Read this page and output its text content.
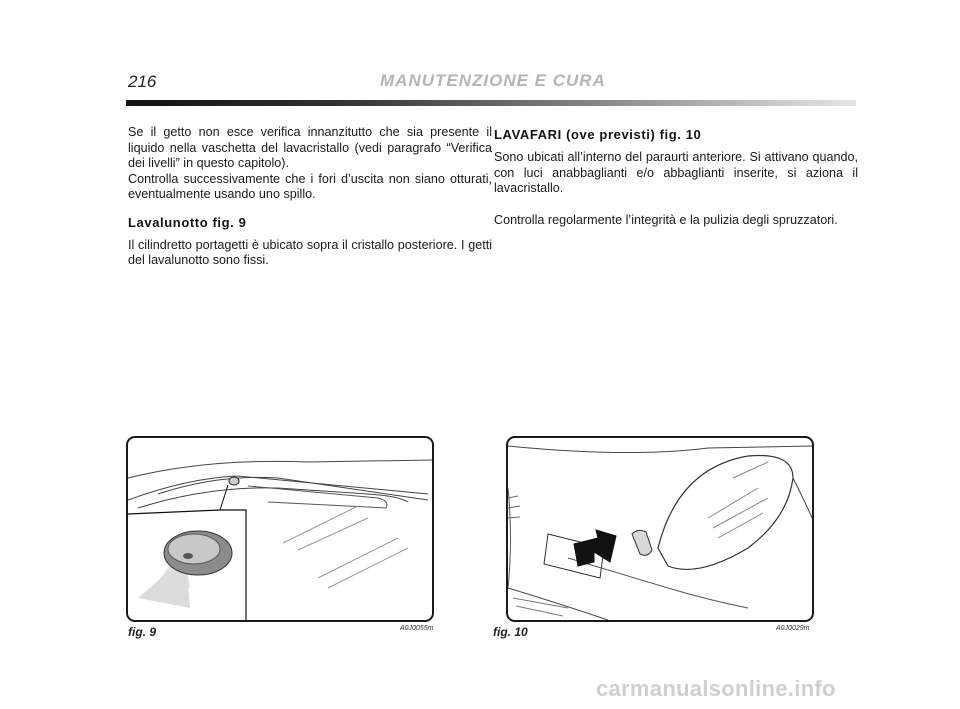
216	MANUTENZIONE E CURA

Se il getto non esce verifica innanzitutto che sia presente il liquido nella vaschetta del lavacristallo (vedi paragrafo “Verifica dei livelli” in questo capitolo).

Controlla successivamente che i fori d’uscita non siano otturati, eventualmente usando uno spillo.

Lavalunotto fig. 9

Il cilindretto portagetti è ubicato sopra il cristallo posteriore. I getti del lavalunotto sono fissi.

LAVAFARI (ove previsti) fig. 10

Sono ubicati all’interno del paraurti anteriore. Si attivano quando, con luci anabbaglianti e/o abbaglianti inserite, si aziona il lavacristallo.

Controlla regolarmente l’integrità e la pulizia degli spruzzatori.

fig. 9	A0J0055m	fig. 10	A0J0029m
carmanualsonline.info
